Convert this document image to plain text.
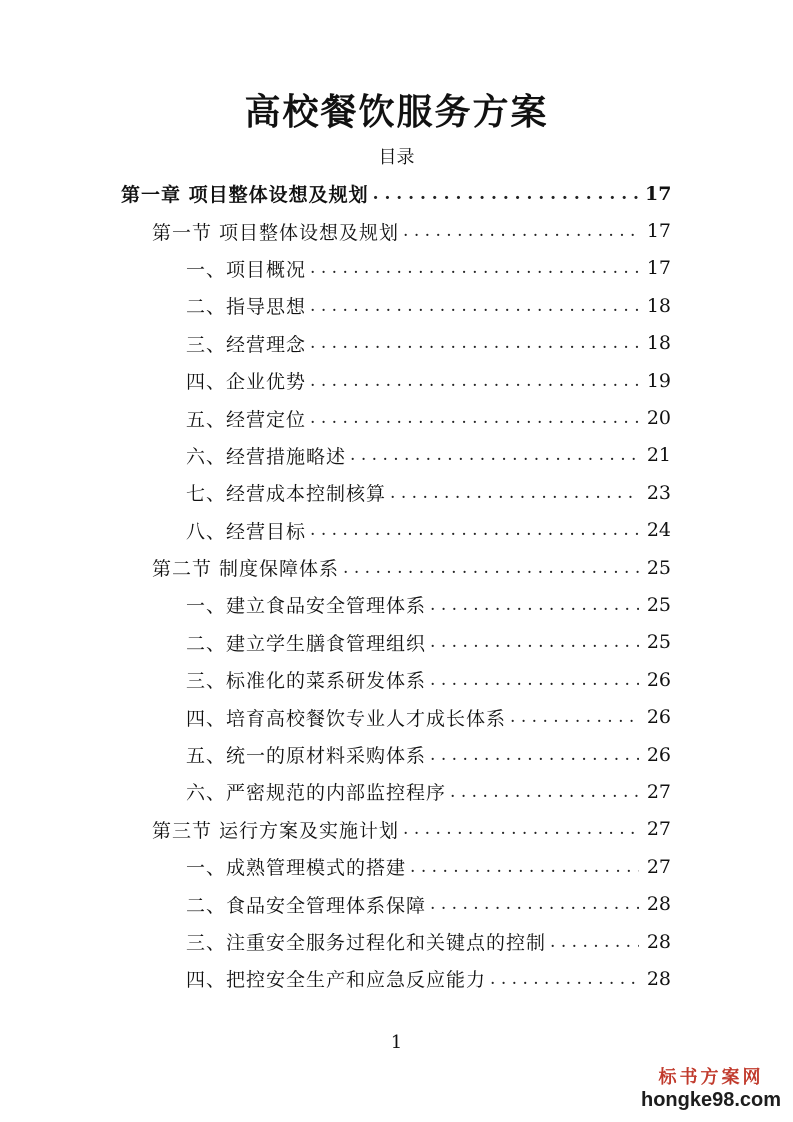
高校餐饮服务方案
目录
第一章 项目整体设想及规划 . . .	17
第一节 项目整体设想及规划 . . .	17
一、项目概况 . . .	17
二、指导思想 . . .	18
三、经营理念 . . .	18
四、企业优势 . . .	19
五、经营定位 . . .	20
六、经营措施略述 . . .	21
七、经营成本控制核算 . . .	23
八、经营目标 . . .	24
第二节 制度保障体系 . . .	25
一、建立食品安全管理体系 . . .	25
二、建立学生膳食管理组织 . . .	25
三、标准化的菜系研发体系 . . .	26
四、培育高校餐饮专业人才成长体系 . . .	26
五、统一的原材料采购体系 . . .	26
六、严密规范的内部监控程序 . . .	27
第三节 运行方案及实施计划 . . .	27
一、成熟管理模式的搭建 . . .	27
二、食品安全管理体系保障 . . .	28
三、注重安全服务过程化和关键点的控制 . . .	28
四、把控安全生产和应急反应能力 . . .	28
1
标书方案网
hongke98.com
